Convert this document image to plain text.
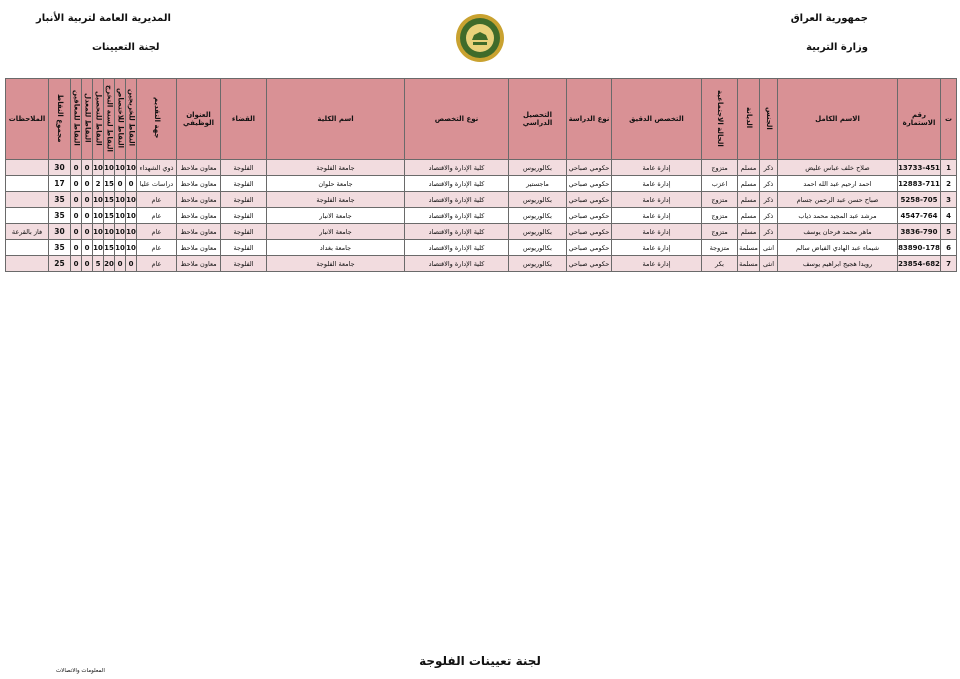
جمهورية العراق
وزارة التربية
المديرية العامة لتربية الأنبار
لجنة التعيينات
ت	رقم الاستمارة	الاسم الكامل	الجنس	الديانة	الحالة الاجتماعية	التخصص الدقيق	نوع الدراسة	التحصيل الدراسي	نوع التخصص	اسم الكلية	القضاء	العنوان الوظيفي	جهة التقديم	النقاط للخريجين	النقاط للاختصاص	النقاط لسنة التخرج	النقاط للتحصيل	النقاط للمعدل	النقاط للمعاقين	مجموع النقاط	الملاحظات
1	13733-451	صلاح خلف عباس عليض	ذكر	مسلم	متزوج	إدارة عامة	حكومي صباحي	بكالوريوس	كلية الإدارة والاقتصاد	جامعة الفلوجة	الفلوجة	معاون ملاحظ	ذوي الشهداء	10	10	10	10	0	0	30	
2	12883-711	احمد ارحيم عبد الله احمد	ذكر	مسلم	اعزب	إدارة عامة	حكومي صباحي	ماجستير	كلية الإدارة والاقتصاد	جامعة حلوان	الفلوجة	معاون ملاحظ	دراسات عليا	0	0	15	2	0	0	17	
3	5258-705	صباح حسن عبد الرحمن جسام	ذكر	مسلم	متزوج	إدارة عامة	حكومي صباحي	بكالوريوس	كلية الإدارة والاقتصاد	جامعة الفلوجة	الفلوجة	معاون ملاحظ	عام	10	10	15	10	0	0	35	
4	4547-764	مرشد عبد المجيد محمد ذياب	ذكر	مسلم	متزوج	إدارة عامة	حكومي صباحي	بكالوريوس	كلية الإدارة والاقتصاد	جامعة الانبار	الفلوجة	معاون ملاحظ	عام	10	10	15	10	0	0	35	
5	3836-790	ماهر محمد فرحان يوسف	ذكر	مسلم	متزوج	إدارة عامة	حكومي صباحي	بكالوريوس	كلية الإدارة والاقتصاد	جامعة الانبار	الفلوجة	معاون ملاحظ	عام	10	10	10	10	0	0	30	فاز بالقرعة
6	83890-178	شيماء عبد الهادي الفياض سالم	انثى	مسلمة	متزوجة	إدارة عامة	حكومي صباحي	بكالوريوس	كلية الإدارة والاقتصاد	جامعة بغداد	الفلوجة	معاون ملاحظ	عام	10	10	15	10	0	0	35	
7	23854-682	رويدا هجيج ابراهيم يوسف	انثى	مسلمة	بكر	إدارة عامة	حكومي صباحي	بكالوريوس	كلية الإدارة والاقتصاد	جامعة الفلوجة	الفلوجة	معاون ملاحظ	عام	0	0	20	5	0	0	25	
لجنة تعيينات الفلوجة
المعلومات والاتصالات
